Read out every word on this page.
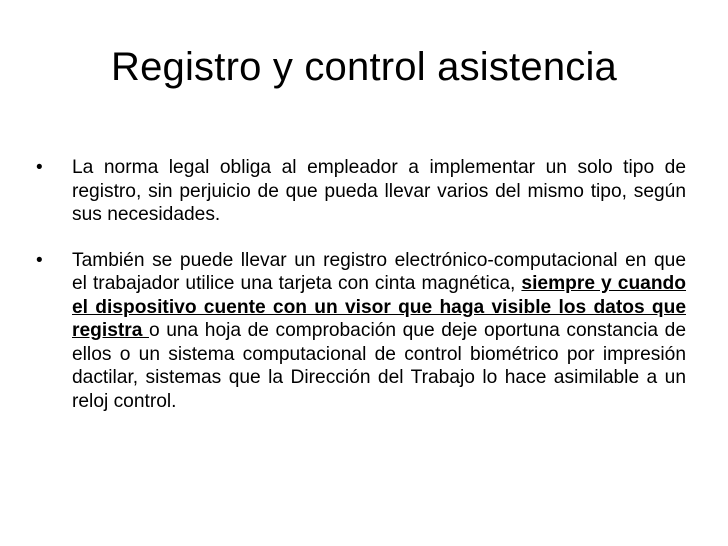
Registro y control asistencia
• La norma legal obliga al empleador a implementar un solo tipo de registro, sin perjuicio de que pueda llevar varios del mismo tipo, según sus necesidades.
• También se puede llevar un registro electrónico-computacional en que el trabajador utilice una tarjeta con cinta magnética, siempre y cuando el dispositivo cuente con un visor que haga visible los datos que registra o una hoja de comprobación que deje oportuna constancia de ellos o un sistema computacional de control biométrico por impresión dactilar, sistemas que la Dirección del Trabajo lo hace asimilable a un reloj control.
